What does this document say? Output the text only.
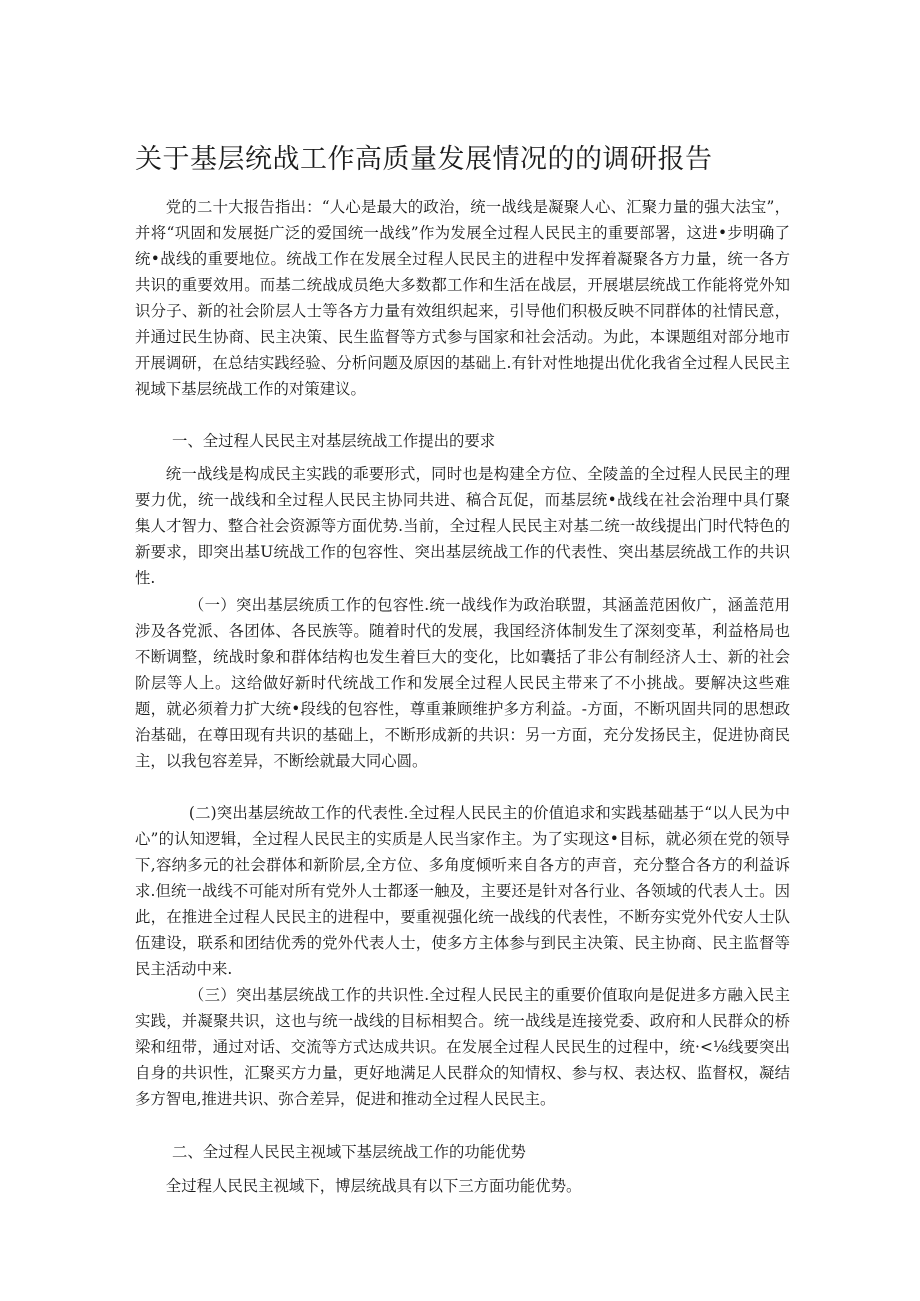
关于基层统战工作高质量发展情况的的调研报告

党的二十大报告指出：“人心是最大的政治，统一战线是凝聚人心、汇聚力量的强大法宝”，并将“巩固和发展挺广泛的爱国统一战线”作为发展全过程人民民主的重要部署，这进•步明确了统•战线的重要地位。统战工作在发展全过程人民民主的进程中发挥着凝聚各方力量，统一各方共识的重要效用。而基二统战成员绝大多数都工作和生活在战层，开展堪层统战工作能将党外知识分子、新的社会阶层人士等各方力量有效组织起来，引导他们积极反映不同群体的社情民意，并通过民生协商、民主决策、民生监督等方式参与国家和社会活动。为此，本课题组对部分地市开展调研，在总结实践经验、分析问题及原因的基础上.有针对性地提出优化我省全过程人民民主视域下基层统战工作的对策建议。

一、全过程人民民主对基层统战工作提出的要求

统一战线是构成民主实践的乖要形式，同时也是构建全方位、全陵盖的全过程人民民主的理要力优，统一战线和全过程人民民主协同共进、稿合瓦促，而基层统•战线在社会治理中具仃聚集人才智力、整合社会资源等方面优势.当前，全过程人民民主对基二统一故线提出门时代特色的新要求，即突出基U统战工作的包容性、突出基层统战工作的代表性、突出基层统战工作的共识性.

（一）突出基层统质工作的包容性.统一战线作为政治联盟，其涵盖范困攸广，涵盖范用涉及各党派、各团体、各民族等。随着时代的发展，我国经济体制发生了深刻变革，利益格局也不断调整，统战时象和群体结构也发生着巨大的变化，比如囊括了非公有制经济人士、新的社会阶层等人上。这给做好新时代统战工作和发展全过程人民民主带来了不小挑战。要解决这些难题，就必须着力扩大统•段线的包容性，尊重兼顾维护多方利益。-方面，不断巩固共同的思想政治基础，在尊田现有共识的基础上，不断形成新的共识：另一方面，充分发扬民主，促进协商民主，以我包容差异，不断绘就最大同心圆。

(二)突出基层统故工作的代表性.全过程人民民主的价值追求和实践基础基于“以人民为中心”的认知逻辑，全过程人民民主的实质是人民当家作主。为了实现这•目标，就必须在党的领导下,容纳多元的社会群体和新阶层,全方位、多角度倾听来自各方的声音，充分整合各方的利益诉求.但统一战线不可能对所有党外人士都逐一触及，主要还是针对各行业、各领域的代表人士。因此，在推进全过程人民民主的进程中，要重视强化统一战线的代表性，不断夯实党外代安人士队伍建设，联系和团结优秀的党外代表人士，使多方主体参与到民主决策、民主协商、民主监督等民主活动中来.

（三）突出基层统战工作的共识性.全过程人民民主的重要价值取向是促进多方融入民主实践，并凝聚共识，这也与统一战线的目标相契合。统一战线是连接党委、政府和人民群众的桥梁和纽带，通过对话、交流等方式达成共识。在发展全过程人民民生的过程中，统·<⅛线要突出自身的共识性，汇聚买方力量，更好地满足人民群众的知情权、参与权、表达权、监督权，凝结多方智电,推进共识、弥合差异，促进和推动全过程人民民主。

二、全过程人民民主视域下基层统战工作的功能优势

全过程人民民主视域下，博层统战具有以下三方面功能优势。
